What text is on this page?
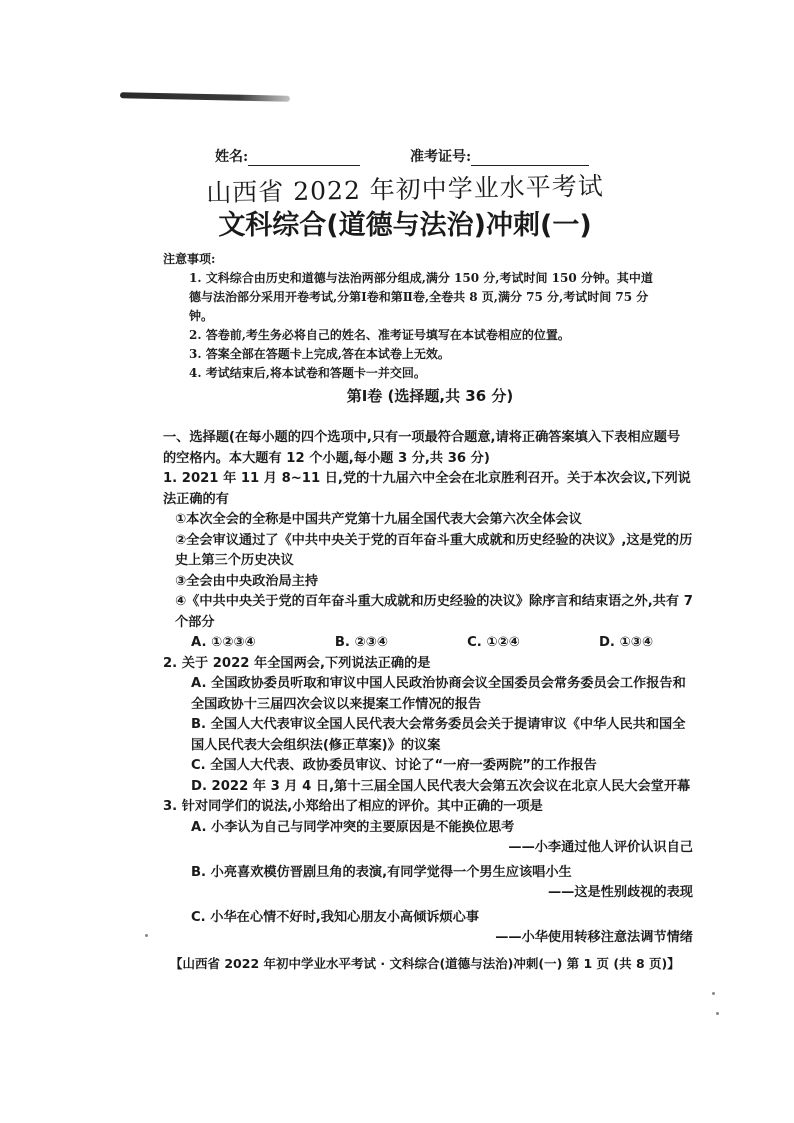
姓名:	准考证号:
山西省 2022 年初中学业水平考试
文科综合(道德与法治)冲刺(一)
注意事项:
1. 文科综合由历史和道德与法治两部分组成,满分 150 分,考试时间 150 分钟。其中道德与法治部分采用开卷考试,分第Ⅰ卷和第Ⅱ卷,全卷共 8 页,满分 75 分,考试时间 75 分钟。
2. 答卷前,考生务必将自己的姓名、准考证号填写在本试卷相应的位置。
3. 答案全部在答题卡上完成,答在本试卷上无效。
4. 考试结束后,将本试卷和答题卡一并交回。
第Ⅰ卷 (选择题,共 36 分)

一、选择题(在每小题的四个选项中,只有一项最符合题意,请将正确答案填入下表相应题号的空格内。本大题有 12 个小题,每小题 3 分,共 36 分)

1. 2021 年 11 月 8~11 日,党的十九届六中全会在北京胜利召开。关于本次会议,下列说法正确的有

①本次全会的全称是中国共产党第十九届全国代表大会第六次全体会议

②全会审议通过了《中共中央关于党的百年奋斗重大成就和历史经验的决议》,这是党的历史上第三个历史决议

③全会由中央政治局主持

④《中共中央关于党的百年奋斗重大成就和历史经验的决议》除序言和结束语之外,共有 7 个部分

A. ①②③④	B. ②③④	C. ①②④	D. ①③④

2. 关于 2022 年全国两会,下列说法正确的是

A. 全国政协委员听取和审议中国人民政治协商会议全国委员会常务委员会工作报告和全国政协十三届四次会议以来提案工作情况的报告

B. 全国人大代表审议全国人民代表大会常务委员会关于提请审议《中华人民共和国全国人民代表大会组织法(修正草案)》的议案

C. 全国人大代表、政协委员审议、讨论了“一府一委两院”的工作报告

D. 2022 年 3 月 4 日,第十三届全国人民代表大会第五次会议在北京人民大会堂开幕

3. 针对同学们的说法,小郑给出了相应的评价。其中正确的一项是

A. 小李认为自己与同学冲突的主要原因是不能换位思考

——小李通过他人评价认识自己

B. 小亮喜欢模仿晋剧旦角的表演,有同学觉得一个男生应该唱小生

——这是性别歧视的表现

C. 小华在心情不好时,我知心朋友小高倾诉烦心事

——小华使用转移注意法调节情绪

【山西省 2022 年初中学业水平考试 · 文科综合(道德与法治)冲刺(一) 第 1 页 (共 8 页)】
